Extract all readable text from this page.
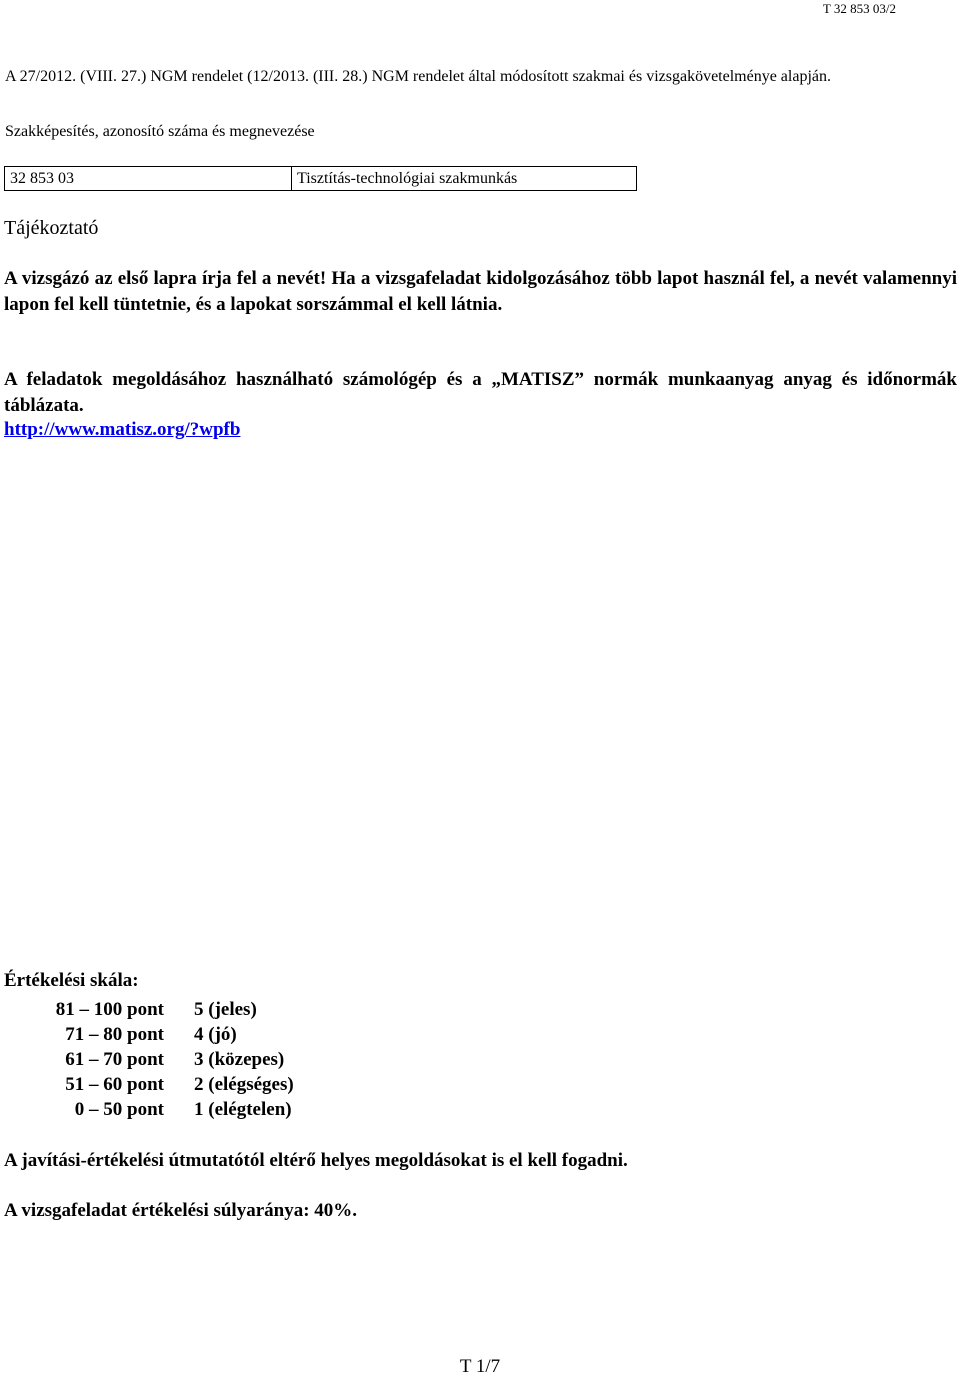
T 32 853 03/2
A 27/2012. (VIII. 27.) NGM rendelet (12/2013. (III. 28.) NGM rendelet által módosított szakmai és vizsgakövetelménye alapján.
Szakképesítés, azonosító száma és megnevezése
32 853 03	Tisztítás-technológiai szakmunkás
Tájékoztató
A vizsgázó az első lapra írja fel a nevét! Ha a vizsgafeladat kidolgozásához több lapot használ fel, a nevét valamennyi lapon fel kell tüntetnie, és a lapokat sorszámmal el kell látnia.
A feladatok megoldásához használható számológép és a „MATISZ” normák munkaanyag anyag és időnormák táblázata.
http://www.matisz.org/?wpfb
Értékelési skála:
81 – 100 pont	5 (jeles)
71 – 80 pont	4 (jó)
61 – 70 pont	3 (közepes)
51 – 60 pont	2 (elégséges)
0 – 50 pont	1 (elégtelen)
A javítási-értékelési útmutatótól eltérő helyes megoldásokat is el kell fogadni.
A vizsgafeladat értékelési súlyaránya: 40%.
T 1/7
